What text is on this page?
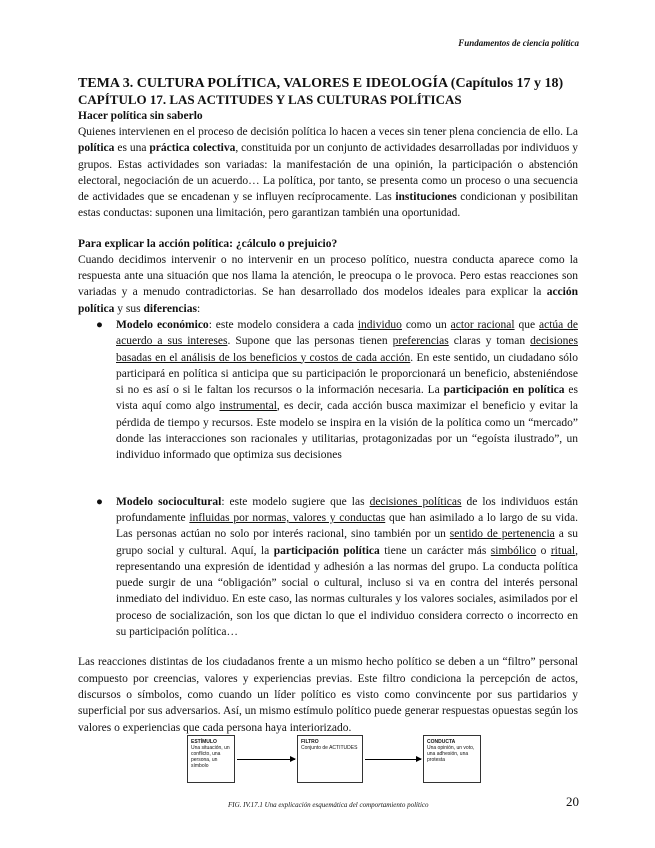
Fundamentos de ciencia política
TEMA 3. CULTURA POLÍTICA, VALORES E IDEOLOGÍA (Capítulos 17 y 18)
CAPÍTULO 17. LAS ACTITUDES Y LAS CULTURAS POLÍTICAS
Hacer política sin saberlo

Quienes intervienen en el proceso de decisión política lo hacen a veces sin tener plena conciencia de ello. La política es una práctica colectiva, constituida por un conjunto de actividades desarrolladas por individuos y grupos. Estas actividades son variadas: la manifestación de una opinión, la participación o abstención electoral, negociación de un acuerdo… La política, por tanto, se presenta como un proceso o una secuencia de actividades que se encadenan y se influyen recíprocamente. Las instituciones condicionan y posibilitan estas conductas: suponen una limitación, pero garantizan también una oportunidad.

Para explicar la acción política: ¿cálculo o prejuicio?

Cuando decidimos intervenir o no intervenir en un proceso político, nuestra conducta aparece como la respuesta ante una situación que nos llama la atención, le preocupa o le provoca. Pero estas reacciones son variadas y a menudo contradictorias. Se han desarrollado dos modelos ideales para explicar la acción política y sus diferencias:

● Modelo económico: este modelo considera a cada individuo como un actor racional que actúa de acuerdo a sus intereses. Supone que las personas tienen preferencias claras y toman decisiones basadas en el análisis de los beneficios y costos de cada acción. En este sentido, un ciudadano sólo participará en política si anticipa que su participación le proporcionará un beneficio, absteniéndose si no es así o si le faltan los recursos o la información necesaria. La participación en política es vista aquí como algo instrumental, es decir, cada acción busca maximizar el beneficio y evitar la pérdida de tiempo y recursos. Este modelo se inspira en la visión de la política como un “mercado” donde las interacciones son racionales y utilitarias, protagonizadas por un “egoísta ilustrado”, un individuo informado que optimiza sus decisiones
● Modelo sociocultural: este modelo sugiere que las decisiones políticas de los individuos están profundamente influidas por normas, valores y conductas que han asimilado a lo largo de su vida. Las personas actúan no solo por interés racional, sino también por un sentido de pertenencia a su grupo social y cultural. Aquí, la participación política tiene un carácter más simbólico o ritual, representando una expresión de identidad y adhesión a las normas del grupo. La conducta política puede surgir de una “obligación” social o cultural, incluso si va en contra del interés personal inmediato del individuo. En este caso, las normas culturales y los valores sociales, asimilados por el proceso de socialización, son los que dictan lo que el individuo considera correcto o incorrecto en su participación política…

Las reacciones distintas de los ciudadanos frente a un mismo hecho político se deben a un “filtro” personal compuesto por creencias, valores y experiencias previas. Este filtro condiciona la percepción de actos, discursos o símbolos, como cuando un líder político es visto como convincente por sus partidarios y superficial por sus adversarios. Así, un mismo estímulo político puede generar respuestas opuestas según los valores o experiencias que cada persona haya interiorizado.

ESTÍMULO
Una situación, un conflicto, una persona, un símbolo
FILTRO
Conjunto de ACTITUDES
CONDUCTA
Una opinión, un voto, una adhesión, una protesta
FIG. IV.17.1 Una explicación esquemática del comportamiento político	20
